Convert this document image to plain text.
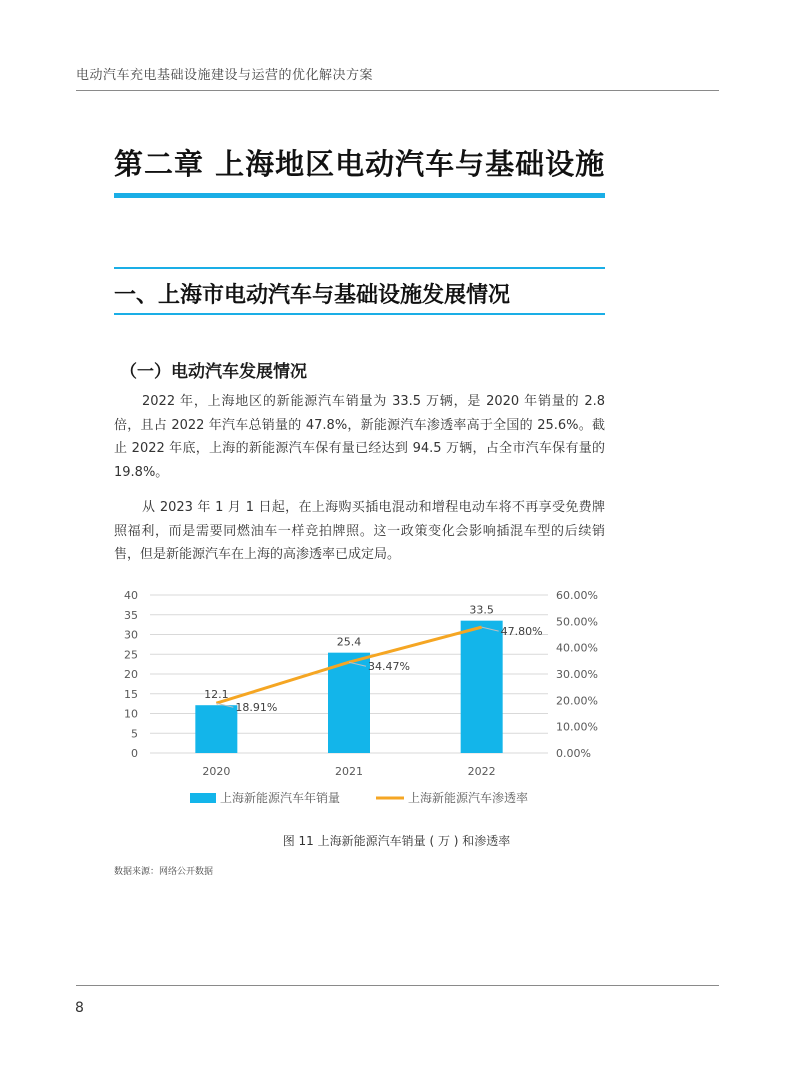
电动汽车充电基础设施建设与运营的优化解决方案
第二章 上海地区电动汽车与基础设施
一、上海市电动汽车与基础设施发展情况
（一）电动汽车发展情况

2022 年，上海地区的新能源汽车销量为 33.5 万辆，是 2020 年销量的 2.8 倍，且占 2022 年汽车总销量的 47.8%，新能源汽车渗透率高于全国的 25.6%。截止 2022 年底，上海的新能源汽车保有量已经达到 94.5 万辆，占全市汽车保有量的 19.8%。

从 2023 年 1 月 1 日起，在上海购买插电混动和增程电动车将不再享受免费牌照福利，而是需要同燃油车一样竞拍牌照。这一政策变化会影响插混车型的后续销售，但是新能源汽车在上海的高渗透率已成定局。

0
5
10
15
20
25
30
35
40
0.00%
10.00%
20.00%
30.00%
40.00%
50.00%
60.00%
12.1
25.4
33.5
2020	2021	2022
18.91%
34.47%
47.80%
上海新能源汽车年销量	上海新能源汽车渗透率
图 11 上海新能源汽车销量 ( 万 ) 和渗透率
数据来源：网络公开数据
8
